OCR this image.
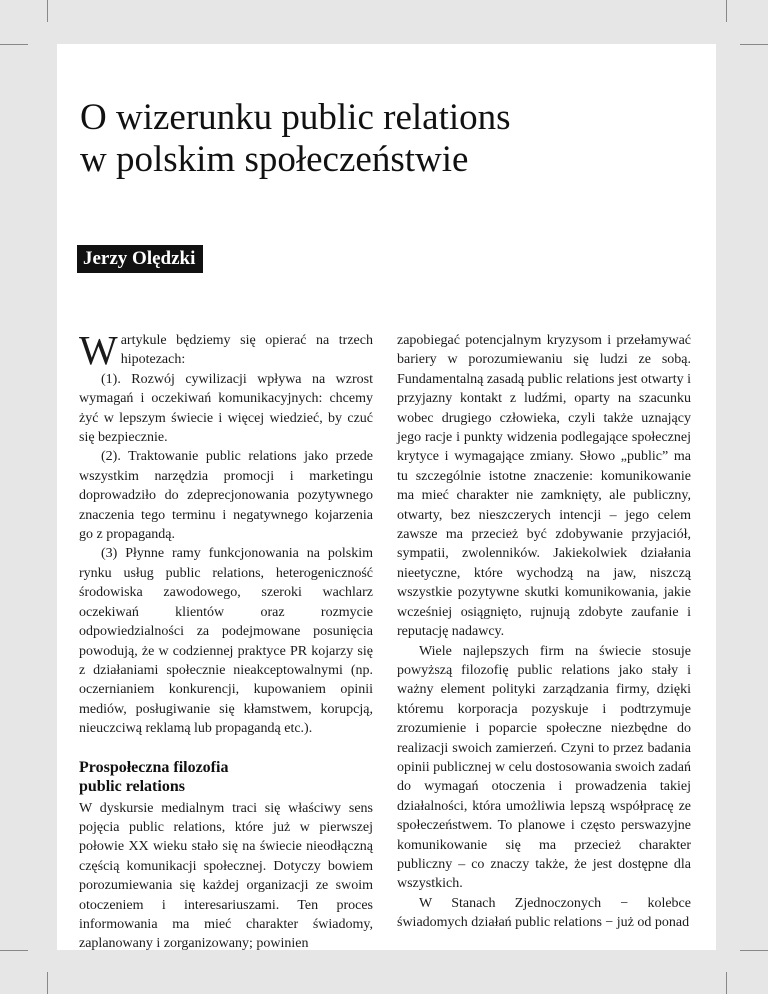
O wizerunku public relations
w polskim społeczeństwie
Jerzy Olędzki

Wartykule będziemy się opierać na trzech hipotezach:

(1). Rozwój cywilizacji wpływa na wzrost wymagań i oczekiwań komunikacyjnych: chcemy żyć w lepszym świecie i więcej wiedzieć, by czuć się bezpiecznie.

(2). Traktowanie public relations jako przede wszystkim narzędzia promocji i marketingu doprowadziło do zdeprecjonowania pozytywnego znaczenia tego terminu i negatywnego kojarzenia go z propagandą.

(3) Płynne ramy funkcjonowania na polskim rynku usług public relations, heterogeniczność środowiska zawodowego, szeroki wachlarz oczekiwań klientów oraz rozmycie odpowiedzialności za podejmowane posunięcia powodują, że w codziennej praktyce PR kojarzy się z działaniami społecznie nieakceptowalnymi (np. oczernianiem konkurencji, kupowaniem opinii mediów, posługiwanie się kłamstwem, korupcją, nieuczciwą reklamą lub propagandą etc.).

Prospołeczna filozofia
public relations

W dyskursie medialnym traci się właściwy sens pojęcia public relations, które już w pierwszej połowie XX wieku stało się na świecie nieodłączną częścią komunikacji społecznej. Dotyczy bowiem porozumiewania się każdej organizacji ze swoim otoczeniem i interesariuszami. Ten proces informowania ma mieć charakter świadomy, zaplanowany i zorganizowany; powinien

zapobiegać potencjalnym kryzysom i przełamywać bariery w porozumiewaniu się ludzi ze sobą. Fundamentalną zasadą public relations jest otwarty i przyjazny kontakt z ludźmi, oparty na szacunku wobec drugiego człowieka, czyli także uznający jego racje i punkty widzenia podlegające społecznej krytyce i wymagające zmiany. Słowo „public” ma tu szczególnie istotne znaczenie: komunikowanie ma mieć charakter nie zamknięty, ale publiczny, otwarty, bez nieszczerych intencji – jego celem zawsze ma przecież być zdobywanie przyjaciół, sympatii, zwolenników. Jakiekolwiek działania nieetyczne, które wychodzą na jaw, niszczą wszystkie pozytywne skutki komunikowania, jakie wcześniej osiągnięto, rujnują zdobyte zaufanie i reputację nadawcy.

Wiele najlepszych firm na świecie stosuje powyższą filozofię public relations jako stały i ważny element polityki zarządzania firmy, dzięki któremu korporacja pozyskuje i podtrzymuje zrozumienie i poparcie społeczne niezbędne do realizacji swoich zamierzeń. Czyni to przez badania opinii publicznej w celu dostosowania swoich zadań do wymagań otoczenia i prowadzenia takiej działalności, która umożliwia lepszą współpracę ze społeczeństwem. To planowe i często perswazyjne komunikowanie się ma przecież charakter publiczny – co znaczy także, że jest dostępne dla wszystkich.

W Stanach Zjednoczonych − kolebce świadomych działań public relations − już od ponad
